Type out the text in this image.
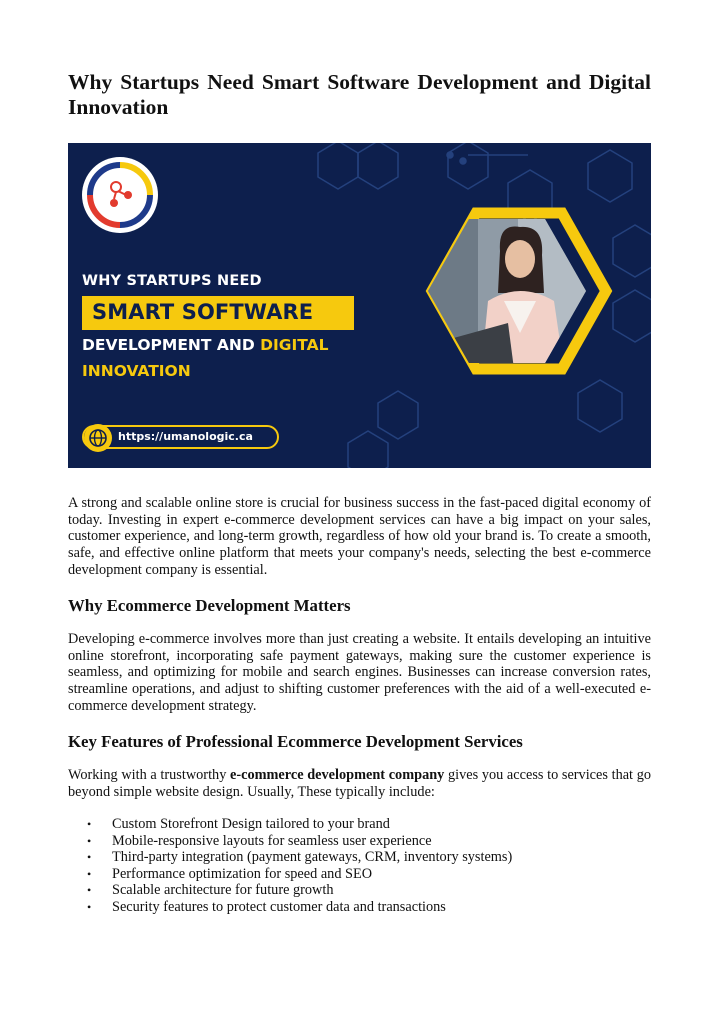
Why Startups Need Smart Software Development and Digital Innovation
WHY STARTUPS NEED
SMART SOFTWARE
DEVELOPMENT AND DIGITAL
INNOVATION
https://umanologic.ca

A strong and scalable online store is crucial for business success in the fast-paced digital economy of today. Investing in expert e-commerce development services can have a big impact on your sales, customer experience, and long-term growth, regardless of how old your brand is. To create a smooth, safe, and effective online platform that meets your company's needs, selecting the best e-commerce development company is essential.

Why Ecommerce Development Matters

Developing e-commerce involves more than just creating a website. It entails developing an intuitive online storefront, incorporating safe payment gateways, making sure the customer experience is seamless, and optimizing for mobile and search engines. Businesses can increase conversion rates, streamline operations, and adjust to shifting customer preferences with the aid of a well-executed e-commerce development strategy.

Key Features of Professional Ecommerce Development Services

Working with a trustworthy e-commerce development company gives you access to services that go beyond simple website design. Usually, These typically include:

• Custom Storefront Design tailored to your brand
• Mobile-responsive layouts for seamless user experience
• Third-party integration (payment gateways, CRM, inventory systems)
• Performance optimization for speed and SEO
• Scalable architecture for future growth
• Security features to protect customer data and transactions
